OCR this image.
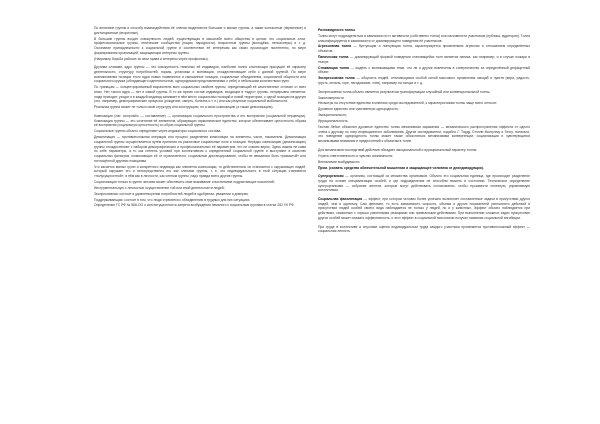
По величине группы и способу взаимодействия её членов выделяются большие и малые группы, а также контактные (первичные) и дистанционные (вторичные).

В большие группы входит совокупность людей, существующая в масштабе всего общества в целом: это социальные слои, профессиональные группы, этнические сообщества (нации, народности), возрастные группы (молодёжь, пенсионеры) и т. д. Осознание принадлежности к социальной группе и соответствие её интересам как своих происходит постепенно, по мере формирования организаций, защищающих интересы группы.

(Например борьба рабочих за свои права и интересы через профсоюзы).

Другими словами, ядро группы — это совокупность типичных её индивидов, наиболее полно сочетающих присущие её характер деятельности, структуру потребностей, нормы, установки и мотивации, отождествляющие себя с данной группой. По мере возникновения позиции этого ядра новых появляются и смешанные позиции, социальные объединения, социальной общности или социального кружка (обладающего идентичностью, однородными представлениями о себе) и небольшим количеством групп.

По границам — концентрированный выразитель всех социальных свойств группы, определяющий её качественное отличие от всех иных. Нет такого ядра — нет и самой группы. В то же время состав индивидов, входящих в «ядро» группы, непрерывно меняется: люди приходят, уходят и в каждый индивид занимает в нём место социальных позиций и новой территории, с одной позиции на другую (это, например, демографические процессы (рождение, смерть, болезнь и т. п.) или как результат социальной мобильности.

Реальная группа может не только свою структуру или конструкцию, но и свою композицию (а также демонизацию).

Композиция (лат. compositio — составление) — организация социального пространства и его восприятия (социальной перцепции). Композиция группы — это сочетание её элементов, образующих гармоническое единство, которое обеспечивает целостность образа её восприятия (социальную целостность) со-образ социальной группы.

Социальные группы обычно определяют через индикаторы социального состава.

Демонизация — противоположная операция или процесс разделения композиции на элементы, части, показатели. Демонизация социальной группы осуществляется путём принятия на различные социальные поля и позиции. Нередко композицию (демонизацию) группы отождествляют с набором демографических и профессиональных её параметров, что не совсем верно. Здесь важны не сами по себе параметры, а то как степень условий при коллективном к определенной социальной группе и выступают в качестве социальных фильтров, позволяющих её от ограниченного, социальные дистанцирование, чтобы не связанных быть «размытой» или поглощённой другими позициями.

Что касается малых групп и конкретного индивида как элемента композиции, то действительно он становится с окружающих людей, который окружает его и непосредственно его как членами группы, т. е. это индивидуальность в этой ситуации становится «полусущностной», в нём как в личности, как членом группы, надо правда всего другие группы.

Социализация только в группе человек может обеспечить свое выживание и воспитание подрастающих поколений;

Инструментальную с личностью осуществление той или иной деятельности людей;

Экспрессивная: состоит в удовлетворении потребностей людей в одобрении, уважении и доверии;

Поддерживающая: состоит в том, что люди стремятся к объединению в трудных для них ситуациях.

Определение ГС РФ № 568-ОО о конституционности запрета возбуждения немалого к социальным группам в статье 282 УК РФ.

Разновидности толпы

Толпы могут подразделяться в зависимости от активности (собственно толпа) или пассивности участников (публика, аудитория). Толпа классифицируется в зависимости от доминирующего поведения её участников:

Агрессивная толпа — бунтующая и линчующая толпа, характеризуется проявлением агрессии и отношением определённых объектов.

Паническая толпа — доминирующий формой поведения становящейся толп является паника, как например, и в случае пожара в театре.

Стяжающая толпа — модель с возникающими теми, что ли и другие вовлечены в соперничество за определённый дефицитный объект.

Экспрессивная толпа — общность людей, отличающаяся особой силой массового проявления эмоций и чувств (вера, радость, грусть, печаль, горе, негодование, гнев), например на танцах и т. д.

Экспрессивная толпа обычно является результатом трансформации случайной или конвенциональной толпы.

Закономерности

Несмотря на отсутствие единства в мнениях среди исследователей, к характеристикам толпы чаще всего относят:

Духовное единство или чувственную однородность;

Эмоциональность;

Иррациональность.

Гюстав Лебон объяснил духовное единство толпы механизмом заражения — механического распространения эффекта от одного члена к другому по типу инфекционного заболевания. Другие исследователи, подобно Г. Тарду, Стэнли Милгрэму и Тенгу, полагали, что поведение однородность толпы может также объясняться механизмами конвергенции, социализации и чувствующихся механизмами внимания и предпочтений к объектам в толпе.

Для механизмов последствий действие обладает эмоциональной и иррациональный характер толпы:

Утрата ответственности и чувство анонимности;

Вненаличие возбудимости.

Прим. (созвать средства обличительной мышлении и защищающее человека от деиндивидуации).

Суперорганизм — организм, состоящий из множества организмов. Обычно это социальная единица, где происходит разделение труда на основе специализации особей, и где подразделения не способны выжить в состоянии. Техническое определение суперорганизма — собрание агентов, которые могут действовать согласованно, чтобы произвести полезную, управляемую коллективом.

Социальная фасилитация — эффект, при котором человек более успешно выполняет поставленные задачи в присутствии других людей, чем в одиночку. Сам феномен, то есть зависимость скорости, объема и других показателей успешности действий в присутствии людей особей своего вида наблюдается не только у людей, но и у животных. Эффект обычно наблюдается при действиях, связанных с хорошо усвоенными реакциями или привычными действиями. При выполнении сложных задач присутствие других особей может снижать эффективность, и этот эффект в социальной психологии получил название социальной ингибиции.

При труде в коллективе и спустями оценки индивидуальном труда каждого участника проявляется противоположный эффект — социальная леность.
